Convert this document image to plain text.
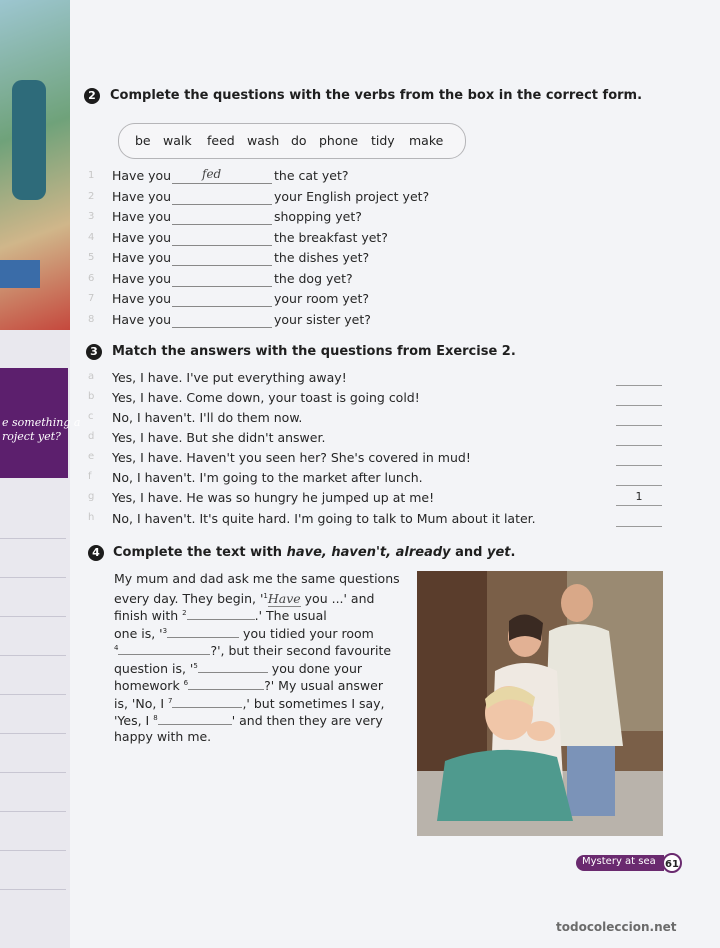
e something a
roject yet?
2	Complete the questions with the verbs from the box in the correct form.
be walk feed wash do phone tidy make
1 Have you	fed	the cat yet?
2 Have you	your English project yet?
3 Have you	shopping yet?
4 Have you	the breakfast yet?
5 Have you	the dishes yet?
6 Have you	the dog yet?
7 Have you	your room yet?
8 Have you	your sister yet?
3	Match the answers with the questions from Exercise 2.
a Yes, I have. I've put everything away!
b Yes, I have. Come down, your toast is going cold!
c No, I haven't. I'll do them now.
d Yes, I have. But she didn't answer.
e Yes, I have. Haven't you seen her? She's covered in mud!
f No, I haven't. I'm going to the market after lunch.
g Yes, I have. He was so hungry he jumped up at me!	1
h No, I haven't. It's quite hard. I'm going to talk to Mum about it later.
4	Complete the text with have, haven't, already and yet.
My mum and dad ask me the same questions
every day. They begin, '$^1Have$ you ...' and
finish with $^2$	.' The usual
one is, '$^3$	you tidied your room
$^4$	?', but their second favourite
question is, '$^5$	you done your
homework $^6$	?' My usual answer
is, 'No, I $^7$	,' but sometimes I say,
'Yes, I $^8$	' and then they are very
happy with me.
Mystery at sea 61
todocoleccion.net
